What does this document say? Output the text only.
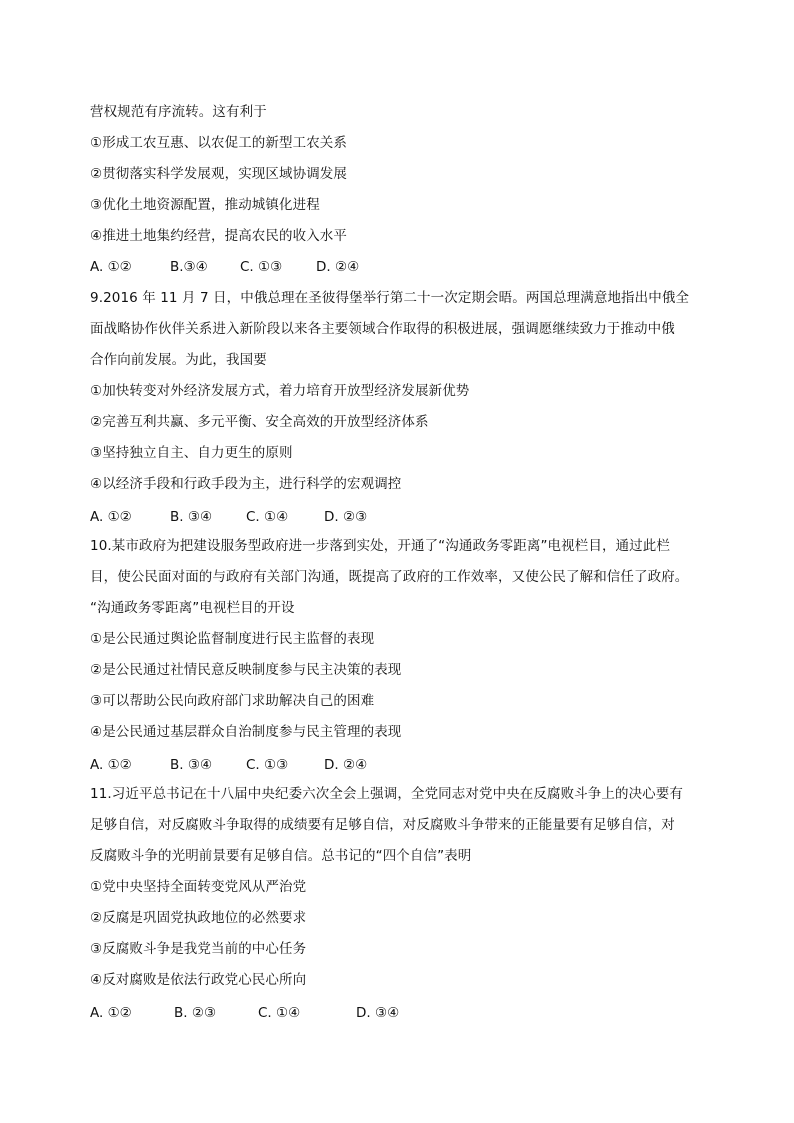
营权规范有序流转。这有利于
①形成工农互惠、以农促工的新型工农关系
②贯彻落实科学发展观，实现区域协调发展
③优化土地资源配置，推动城镇化进程
④推进土地集约经营，提高农民的收入水平
A. ①②	B.③④ C. ①③	D. ②④
9.2016 年 11 月 7 日，中俄总理在圣彼得堡举行第二十一次定期会晤。两国总理满意地指出中俄全
面战略协作伙伴关系进入新阶段以来各主要领域合作取得的积极进展，强调愿继续致力于推动中俄
合作向前发展。为此，我国要
①加快转变对外经济发展方式，着力培育开放型经济发展新优势
②完善互利共赢、多元平衡、安全高效的开放型经济体系
③坚持独立自主、自力更生的原则
④以经济手段和行政手段为主，进行科学的宏观调控
A. ①②	B. ③④	C. ①④	D. ②③
10.某市政府为把建设服务型政府进一步落到实处，开通了“沟通政务零距离”电视栏目，通过此栏
目，使公民面对面的与政府有关部门沟通，既提高了政府的工作效率，又使公民了解和信任了政府。
“沟通政务零距离”电视栏目的开设
①是公民通过舆论监督制度进行民主监督的表现
②是公民通过社情民意反映制度参与民主决策的表现
③可以帮助公民向政府部门求助解决自己的困难
④是公民通过基层群众自治制度参与民主管理的表现
A. ①②	B. ③④	C. ①③	D. ②④
11.习近平总书记在十八届中央纪委六次全会上强调，全党同志对党中央在反腐败斗争上的决心要有
足够自信，对反腐败斗争取得的成绩要有足够自信，对反腐败斗争带来的正能量要有足够自信，对
反腐败斗争的光明前景要有足够自信。总书记的“四个自信”表明
①党中央坚持全面转变党风从严治党
②反腐是巩固党执政地位的必然要求
③反腐败斗争是我党当前的中心任务
④反对腐败是依法行政党心民心所向
A. ①②	B. ②③	C. ①④	D. ③④
